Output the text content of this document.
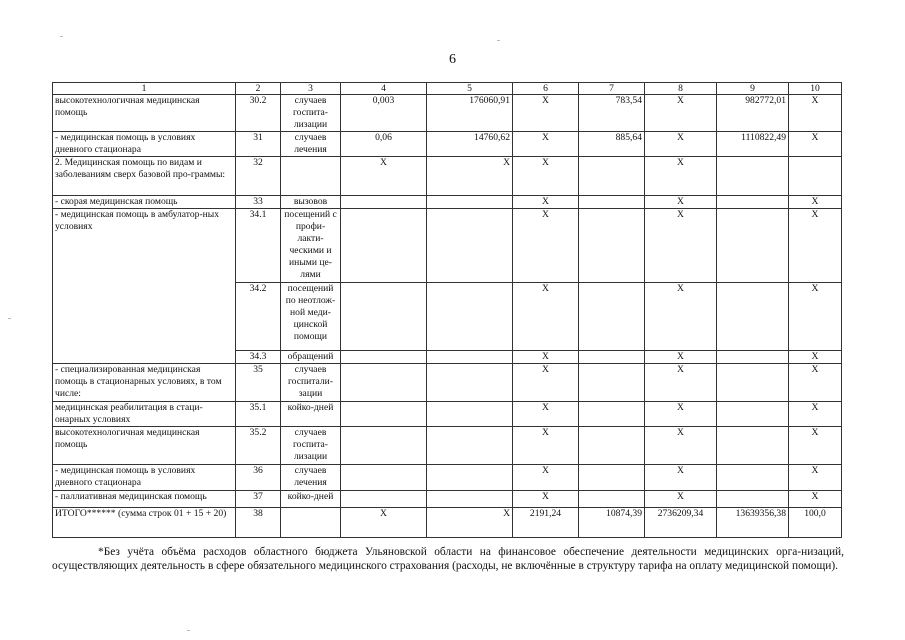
6
1	2	3	4	5	6	7	8	9	10
высокотехнологичная медицинская помощь	30.2	случаев госпита-лизации	0,003	176060,91	X	783,54	X	982772,01	X
- медицинская помощь в условиях дневного стационара	31	случаев лечения	0,06	14760,62	X	885,64	X	1110822,49	X
2. Медицинская помощь по видам и заболеваниям сверх базовой про-граммы:	32		X	X	X		X		
- скорая медицинская помощь	33	вызовов			X		X		X
- медицинская помощь в амбулатор-ных условиях	34.1	посещений с профи-лакти-ческими и иными це-лями			X		X		X
	34.2	посещений по неотлож-ной меди-цинской помощи			X		X		X
	34.3	обращений			X		X		X
- специализированная медицинская помощь в стационарных условиях, в том числе:	35	случаев госпитали-зации			X		X		X
медицинская реабилитация в стаци-онарных условиях	35.1	койко-дней			X		X		X
высокотехнологичная медицинская помощь	35.2	случаев госпита-лизации			X		X		X
- медицинская помощь в условиях дневного стационара	36	случаев лечения			X		X		X
- паллиативная медицинская помощь	37	койко-дней			X		X		X
ИТОГО****** (сумма строк 01 + 15 + 20)	38		X	X	2191,24	10874,39	2736209,34	13639356,38	100,0
*Без учёта объёма расходов областного бюджета Ульяновской области на финансовое обеспечение деятельности медицинских орга-низаций, осуществляющих деятельность в сфере обязательного медицинского страхования (расходы, не включённые в структуру тарифа на оплату медицинской помощи).
